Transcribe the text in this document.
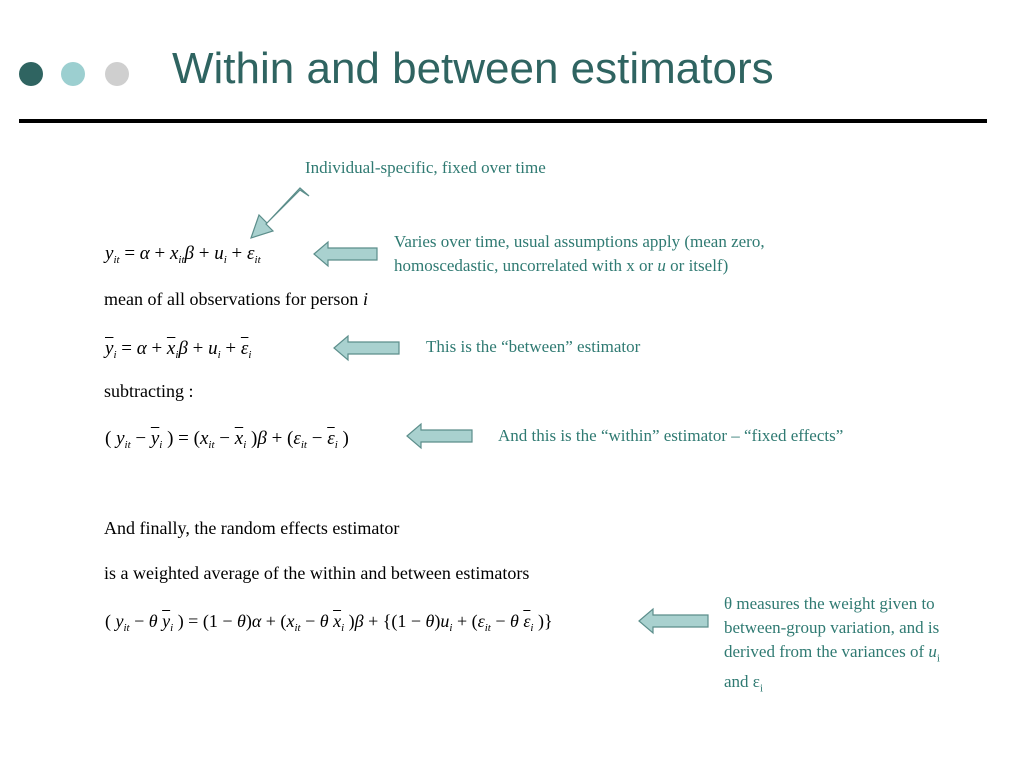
Within and between estimators
Individual-specific, fixed over time
$y_{it} = \alpha + x_{it}\beta + u_i + \varepsilon_{it}$
Varies over time, usual assumptions apply (mean zero,
homoscedastic, uncorrelated with x or u or itself)
mean of all observations for person i
$\overline{y}_i = \alpha + \overline{x}_i\beta + u_i + \overline{\varepsilon}_i$	This is the “between” estimator
subtracting :
( $y_{it} - \overline{y}_i$ ) = ($x_{it} - \overline{x}_i$ )$\beta + (\varepsilon_{it} - \overline{\varepsilon}_i$ )	And this is the “within” estimator – “fixed effects”
And finally, the random effects estimator
is a weighted average of the within and between estimators
( $y_{it} - \theta$ $\overline{y}_i$ ) = $(1 - \theta)\alpha + (x_{it} - \theta$ $\overline{x}_i$ )$\beta + \{(1 - \theta)u_i + (\varepsilon_{it} - \theta$ $\overline{\varepsilon}_i$ )}
θ measures the weight given to
between-group variation, and is
derived from the variances of $u_i$
and $\varepsilon_i$
